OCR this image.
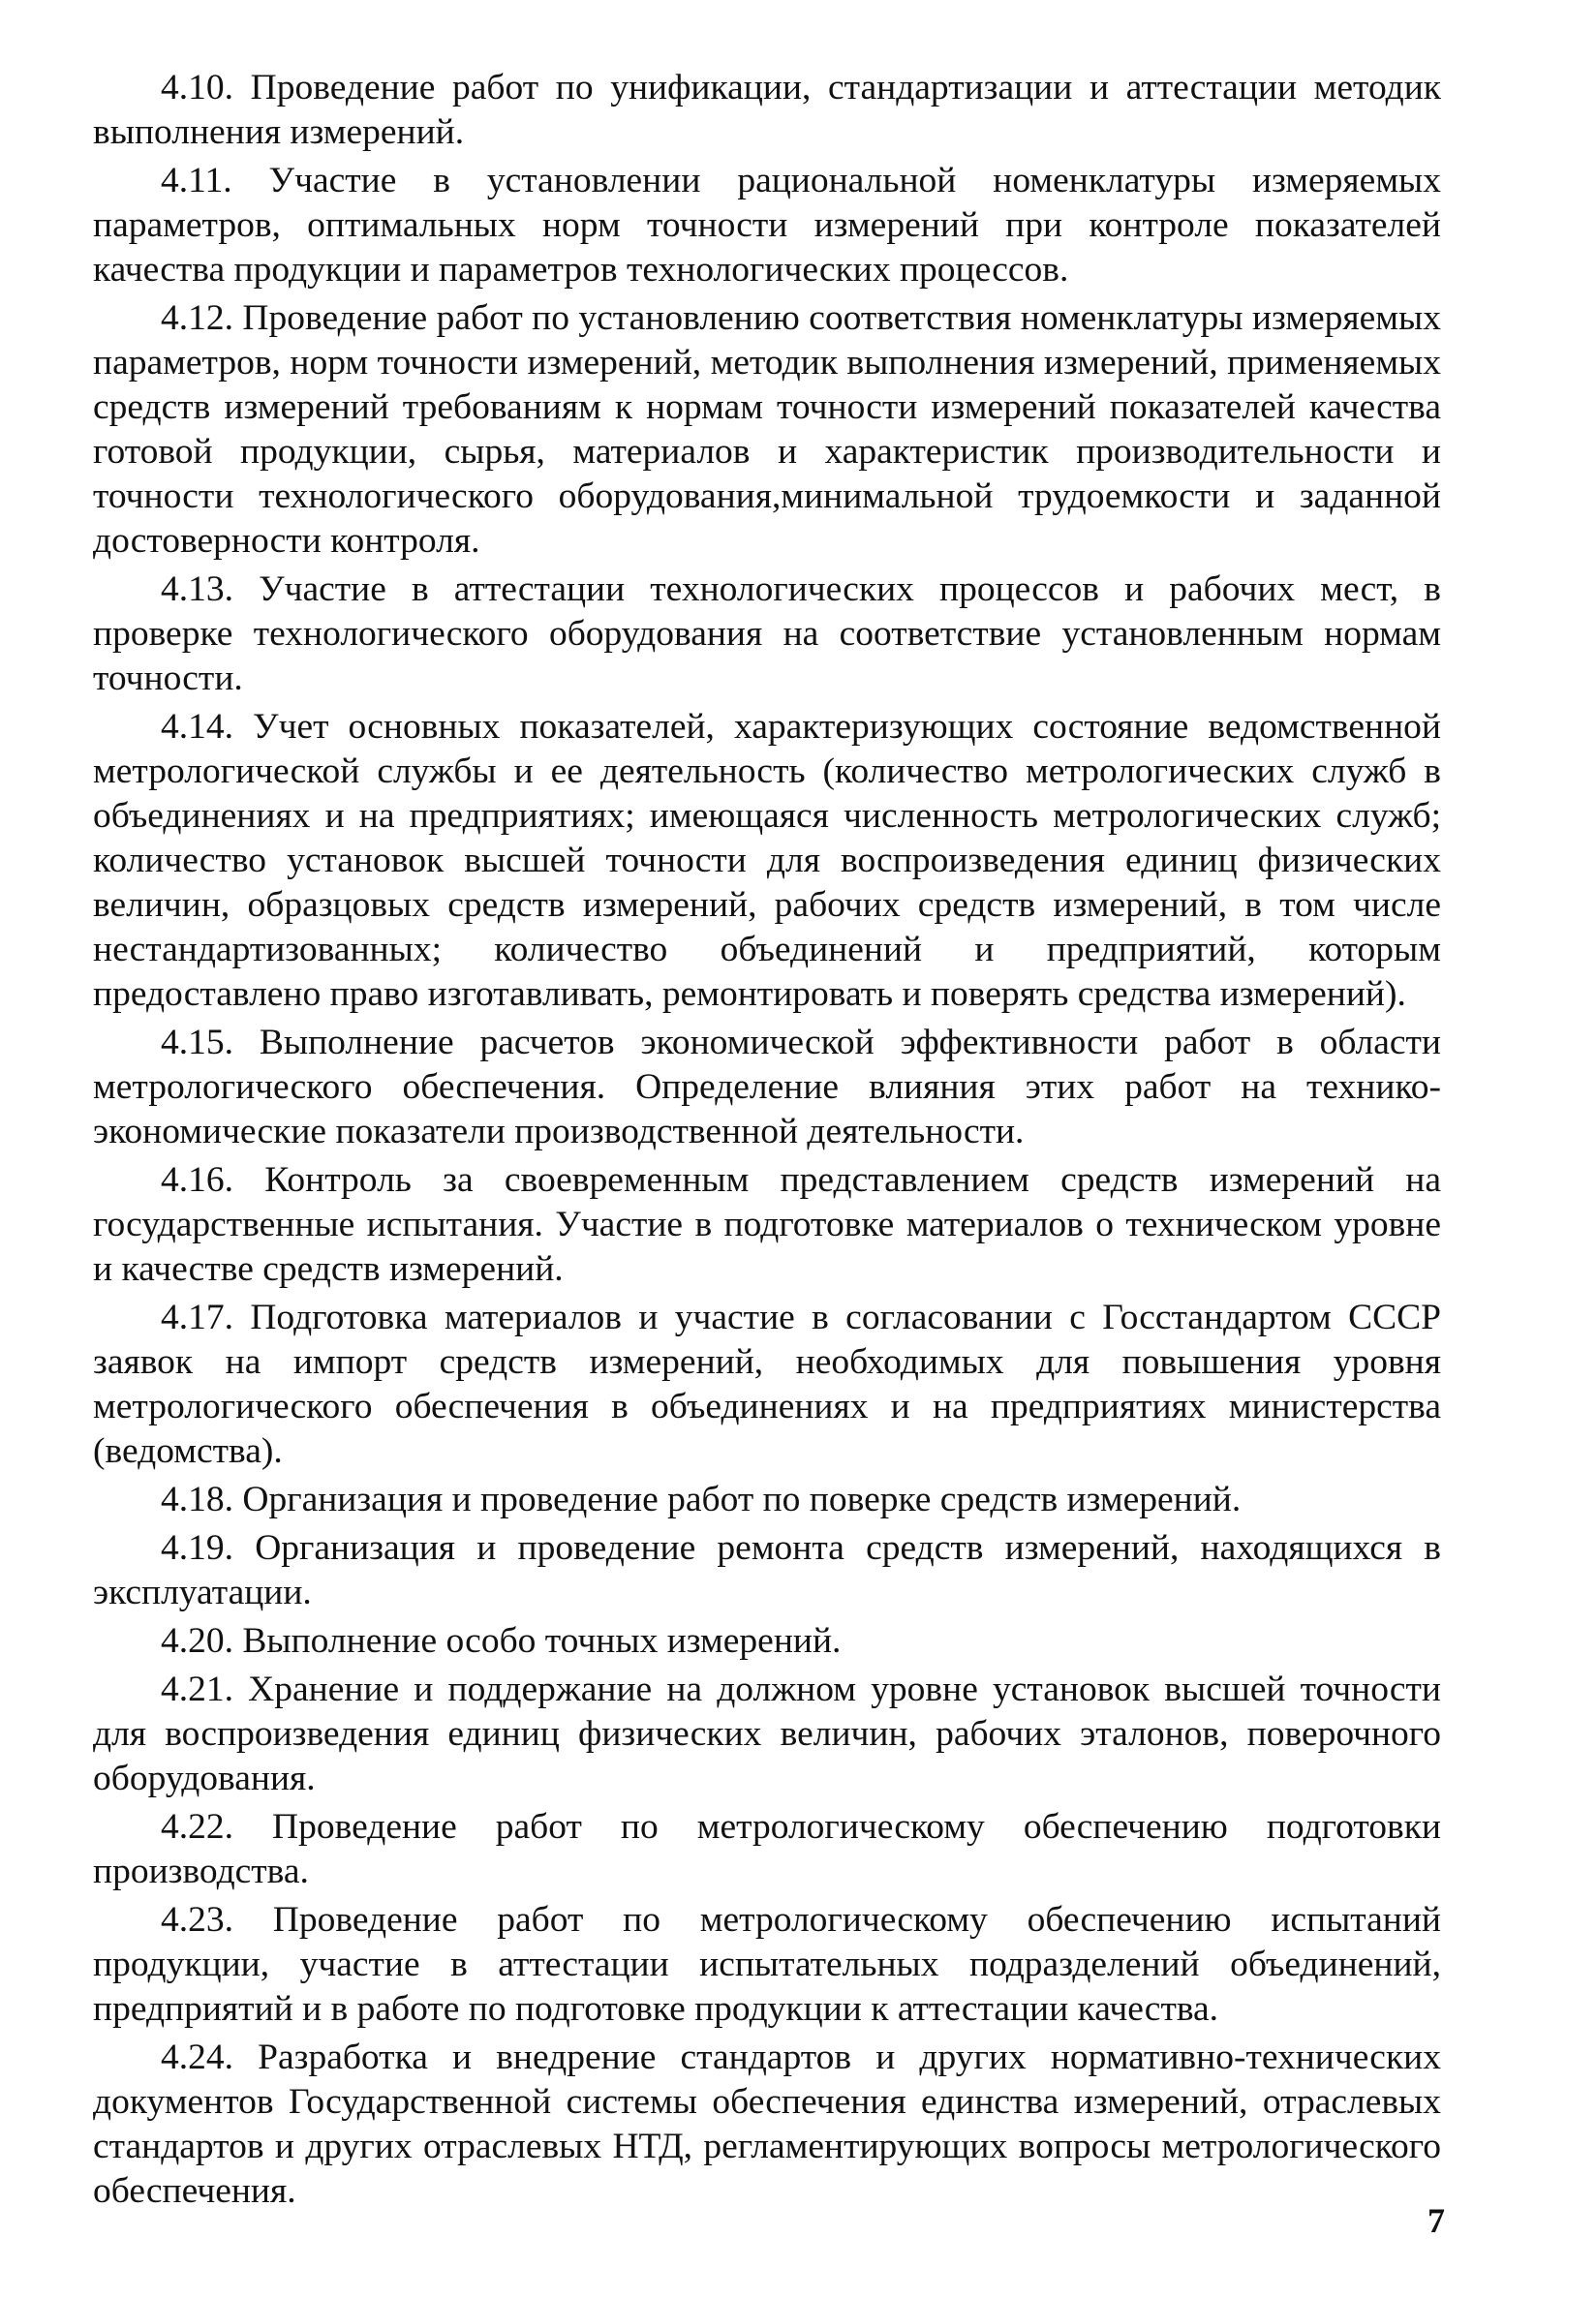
4.10. Проведение работ по унификации, стандартизации и аттестации методик выполнения измерений.

4.11. Участие в установлении рациональной номенклатуры измеряемых параметров, оптимальных норм точности измерений при контроле показателей качества продукции и параметров технологических процессов.

4.12. Проведение работ по установлению соответствия номенклатуры измеряемых параметров, норм точности измерений, методик выполнения измерений, применяемых средств измерений требованиям к нормам точности измерений показателей качества готовой продукции, сырья, материалов и характеристик производительности и точности технологического оборудования,минимальной трудоемкости и заданной достоверности контроля.

4.13. Участие в аттестации технологических процессов и рабочих мест, в проверке технологического оборудования на соответствие установленным нормам точности.

4.14. Учет основных показателей, характеризующих состояние ведомственной метрологической службы и ее деятельность (количество метрологических служб в объединениях и на предприятиях; имеющаяся численность метрологических служб; количество установок высшей точности для воспроизведения единиц физических величин, образцовых средств измерений, рабочих средств измерений, в том числе нестандартизованных; количество объединений и предприятий, которым предоставлено право изготавливать, ремонтировать и поверять средства измерений).

4.15. Выполнение расчетов экономической эффективности работ в области метрологического обеспечения. Определение влияния этих работ на технико-экономические показатели производственной деятельности.

4.16. Контроль за своевременным представлением средств измерений на государственные испытания. Участие в подготовке материалов о техническом уровне и качестве средств измерений.

4.17. Подготовка материалов и участие в согласовании с Госстандартом СССР заявок на импорт средств измерений, необходимых для повышения уровня метрологического обеспечения в объединениях и на предприятиях министерства (ведомства).

4.18. Организация и проведение работ по поверке средств измерений.

4.19. Организация и проведение ремонта средств измерений, находящихся в эксплуатации.

4.20. Выполнение особо точных измерений.

4.21. Хранение и поддержание на должном уровне установок высшей точности для воспроизведения единиц физических величин, рабочих эталонов, поверочного оборудования.

4.22. Проведение работ по метрологическому обеспечению подготовки производства.

4.23. Проведение работ по метрологическому обеспечению испытаний продукции, участие в аттестации испытательных подразделений объединений, предприятий и в работе по подготовке продукции к аттестации качества.

4.24. Разработка и внедрение стандартов и других нормативно-технических документов Государственной системы обеспечения единства измерений, отраслевых стандартов и других отраслевых НТД, регламентирующих вопросы метрологического обеспечения.

7
